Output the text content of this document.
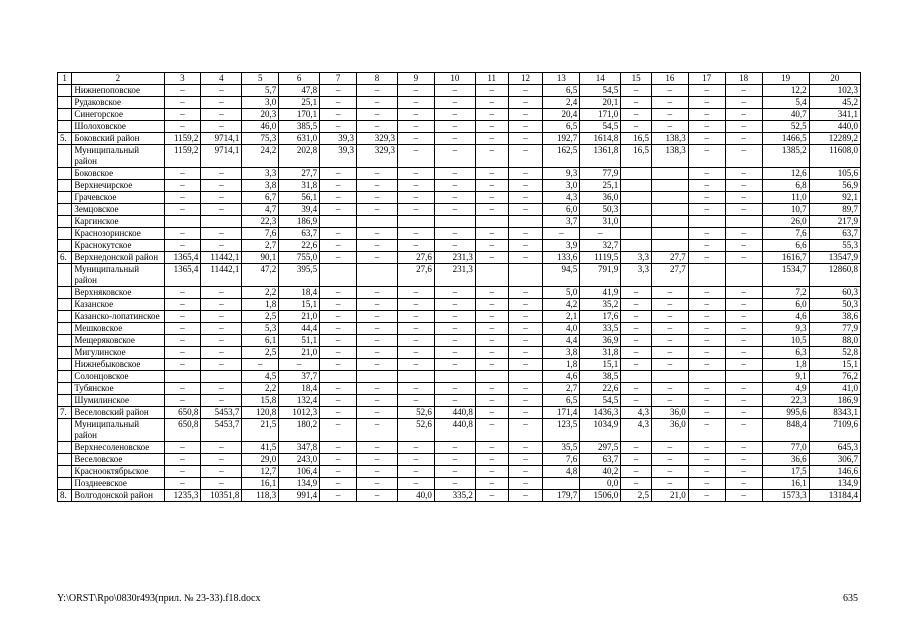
1	2	3	4	5	6	7	8	9	10	11	12	13	14	15	16	17	18	19	20
	Нижнепоповское	–	–	5,7	47,8	–	–	–	–	–	–	6,5	54,5	–	–	–	–	12,2	102,3
	Рудаковское	–	–	3,0	25,1	–	–	–	–	–	–	2,4	20,1	–	–	–	–	5,4	45,2
	Синегорское	–	–	20,3	170,1	–	–	–	–	–	–	20,4	171,0	–	–	–	–	40,7	341,1
	Шолоховское	–	–	46,0	385,5	–	–	–	–	–	–	6,5	54,5	–	–	–	–	52,5	440,0
5.	Боковский район	1159,2	9714,1	75,3	631,0	39,3	329,3	–	–	–	–	192,7	1614,8	16,5	138,3	–	–	1466,5	12289,2
	Муниципальный район	1159,2	9714,1	24,2	202,8	39,3	329,3	–	–	–	–	162,5	1361,8	16,5	138,3	–	–	1385,2	11608,0
	Боковское	–	–	3,3	27,7	–	–	–	–	–	–	9,3	77,9			–	–	12,6	105,6
	Верхнечирское	–	–	3,8	31,8	–	–	–	–	–	–	3,0	25,1			–	–	6,8	56,9
	Грачевское	–	–	6,7	56,1	–	–	–	–	–	–	4,3	36,0			–	–	11,0	92,1
	Земцовское	–	–	4,7	39,4	–	–	–	–	–	–	6,0	50,3			–	–	10,7	89,7
	Каргинское			22,3	186,9							3,7	31,0					26,0	217,9
	Краснозоринское	–	–	7,6	63,7	–	–	–	–	–	–	–	–			–	–	7,6	63,7
	Краснокутское	–	–	2,7	22,6	–	–	–	–	–	–	3,9	32,7			–	–	6,6	55,3
6.	Верхнедонской район	1365,4	11442,1	90,1	755,0	–	–	27,6	231,3	–	–	133,6	1119,5	3,3	27,7	–	–	1616,7	13547,9
	Муниципальный район	1365,4	11442,1	47,2	395,5			27,6	231,3			94,5	791,9	3,3	27,7			1534,7	12860,8
	Верхняковское	–	–	2,2	18,4	–	–	–	–	–	–	5,0	41,9	–	–	–	–	7,2	60,3
	Казанское	–	–	1,8	15,1	–	–	–	–	–	–	4,2	35,2	–	–	–	–	6,0	50,3
	Казанско-лопатинское	–	–	2,5	21,0	–	–	–	–	–	–	2,1	17,6	–	–	–	–	4,6	38,6
	Мешковское	–	–	5,3	44,4	–	–	–	–	–	–	4,0	33,5	–	–	–	–	9,3	77,9
	Мещеряковское	–	–	6,1	51,1	–	–	–	–	–	–	4,4	36,9	–	–	–	–	10,5	88,0
	Мигулинское	–	–	2,5	21,0	–	–	–	–	–	–	3,8	31,8	–	–	–	–	6,3	52,8
	Нижнебыковское	–	–	–	–	–	–	–	–	–	–	1,8	15,1	–	–	–	–	1,8	15,1
	Солонцовское			4,5	37,7							4,6	38,5					9,1	76,2
	Тубянское	–	–	2,2	18,4	–	–	–	–	–	–	2,7	22,6	–	–	–	–	4,9	41,0
	Шумилинское	–	–	15,8	132,4	–	–	–	–	–	–	6,5	54,5	–	–	–	–	22,3	186,9
7.	Веселовский район	650,8	5453,7	120,8	1012,3	–	–	52,6	440,8	–	–	171,4	1436,3	4,3	36,0	–	–	995,6	8343,1
	Муниципальный район	650,8	5453,7	21,5	180,2	–	–	52,6	440,8	–	–	123,5	1034,9	4,3	36,0	–	–	848,4	7109,6
	Верхнесоленовское	–	–	41,5	347,8	–	–	–	–	–	–	35,5	297,5	–	–	–	–	77,0	645,3
	Веселовское	–	–	29,0	243,0	–	–	–	–	–	–	7,6	63,7	–	–	–	–	36,6	306,7
	Краснооктябрьское	–	–	12,7	106,4	–	–	–	–	–	–	4,8	40,2	–	–	–	–	17,5	146,6
	Позднеевское	–	–	16,1	134,9	–	–	–	–	–	–		0,0	–	–	–	–	16,1	134,9
8.	Волгодонской район	1235,3	10351,8	118,3	991,4	–	–	40,0	335,2	–	–	179,7	1506,0	2,5	21,0	–	–	1573,3	13184,4
Y:\ORST\Rpo\0830r493(прил. № 23-33).f18.docx	635
